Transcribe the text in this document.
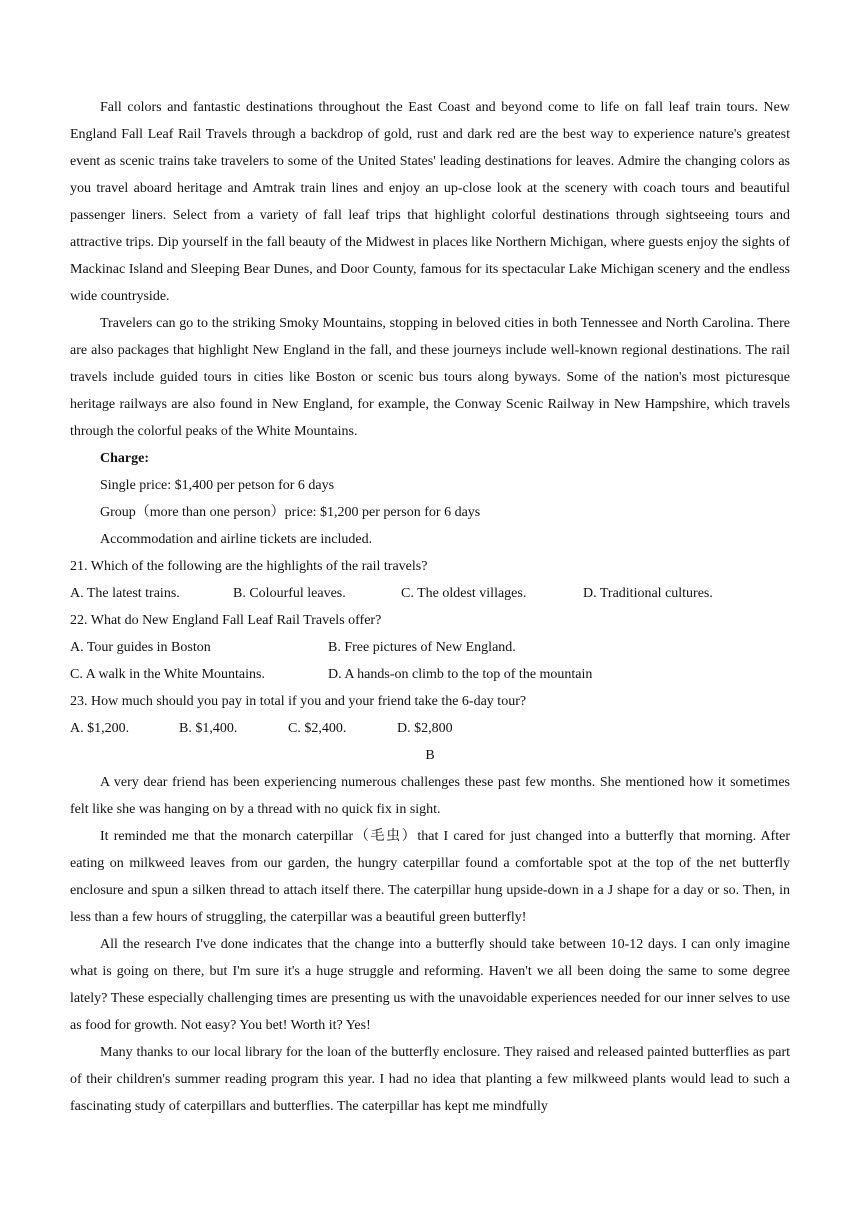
Fall colors and fantastic destinations throughout the East Coast and beyond come to life on fall leaf train tours. New England Fall Leaf Rail Travels through a backdrop of gold, rust and dark red are the best way to experience nature's greatest event as scenic trains take travelers to some of the United States' leading destinations for leaves. Admire the changing colors as you travel aboard heritage and Amtrak train lines and enjoy an up-close look at the scenery with coach tours and beautiful passenger liners. Select from a variety of fall leaf trips that highlight colorful destinations through sightseeing tours and attractive trips. Dip yourself in the fall beauty of the Midwest in places like Northern Michigan, where guests enjoy the sights of Mackinac Island and Sleeping Bear Dunes, and Door County, famous for its spectacular Lake Michigan scenery and the endless wide countryside.

Travelers can go to the striking Smoky Mountains, stopping in beloved cities in both Tennessee and North Carolina. There are also packages that highlight New England in the fall, and these journeys include well-known regional destinations. The rail travels include guided tours in cities like Boston or scenic bus tours along byways. Some of the nation's most picturesque heritage railways are also found in New England, for example, the Conway Scenic Railway in New Hampshire, which travels through the colorful peaks of the White Mountains.

Charge:

Single price: $1,400 per petson for 6 days

Group（more than one person）price: $1,200 per person for 6 days

Accommodation and airline tickets are included.

21. Which of the following are the highlights of the rail travels?

A. The latest trains.	B. Colourful leaves.	C. The oldest villages.	D. Traditional cultures.

22. What do New England Fall Leaf Rail Travels offer?

A. Tour guides in Boston	B. Free pictures of New England.
C. A walk in the White Mountains.	D. A hands-on climb to the top of the mountain

23. How much should you pay in total if you and your friend take the 6-day tour?

A. $1,200.	B. $1,400.	C. $2,400.	D. $2,800

B

A very dear friend has been experiencing numerous challenges these past few months. She mentioned how it sometimes felt like she was hanging on by a thread with no quick fix in sight.

It reminded me that the monarch caterpillar（毛虫）that I cared for just changed into a butterfly that morning. After eating on milkweed leaves from our garden, the hungry caterpillar found a comfortable spot at the top of the net butterfly enclosure and spun a silken thread to attach itself there. The caterpillar hung upside-down in a J shape for a day or so. Then, in less than a few hours of struggling, the caterpillar was a beautiful green butterfly!

All the research I've done indicates that the change into a butterfly should take between 10-12 days. I can only imagine what is going on there, but I'm sure it's a huge struggle and reforming. Haven't we all been doing the same to some degree lately? These especially challenging times are presenting us with the unavoidable experiences needed for our inner selves to use as food for growth. Not easy? You bet! Worth it? Yes!

Many thanks to our local library for the loan of the butterfly enclosure. They raised and released painted butterflies as part of their children's summer reading program this year. I had no idea that planting a few milkweed plants would lead to such a fascinating study of caterpillars and butterflies. The caterpillar has kept me mindfully
